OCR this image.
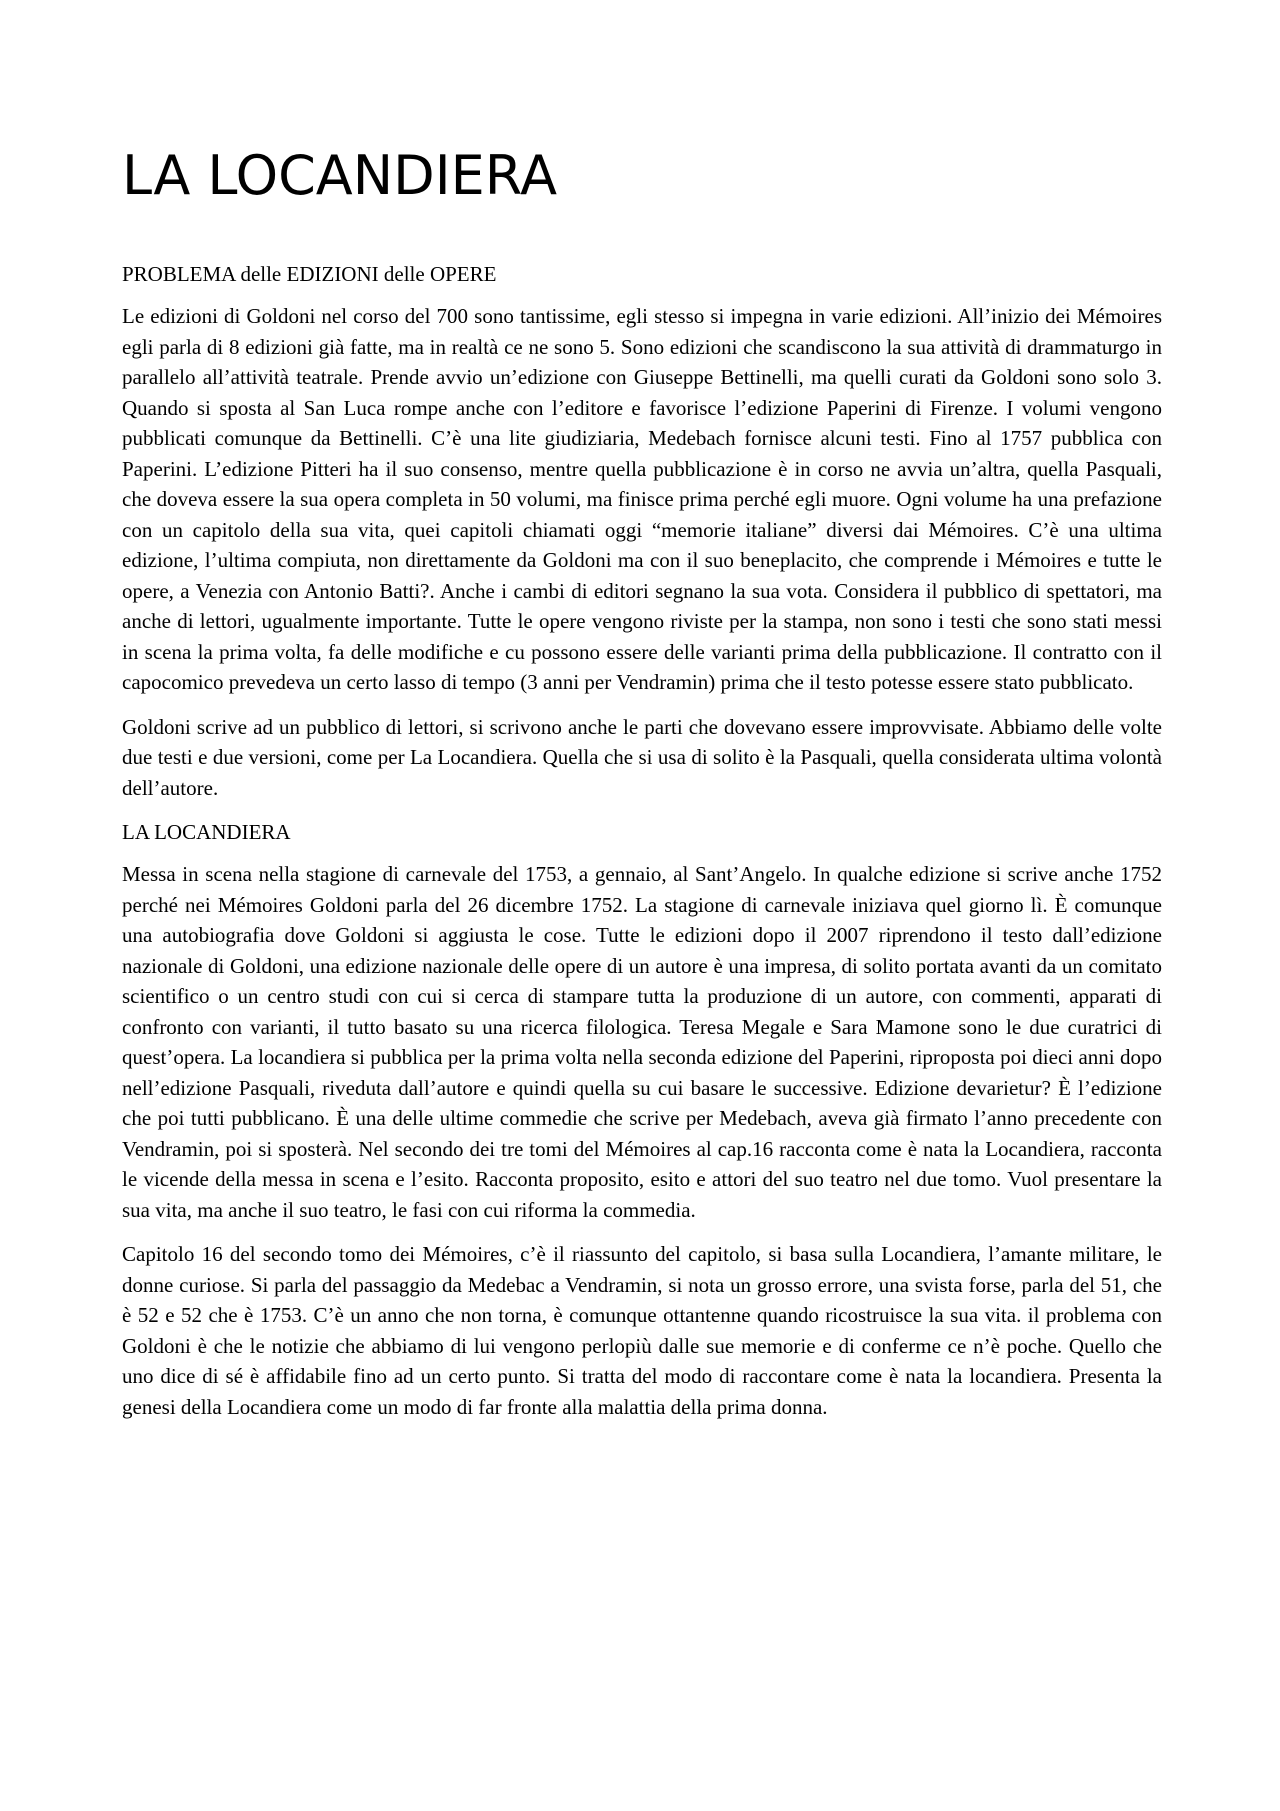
LA LOCANDIERA
PROBLEMA delle EDIZIONI delle OPERE

Le edizioni di Goldoni nel corso del 700 sono tantissime, egli stesso si impegna in varie edizioni. All’inizio dei Mémoires egli parla di 8 edizioni già fatte, ma in realtà ce ne sono 5. Sono edizioni che scandiscono la sua attività di drammaturgo in parallelo all’attività teatrale. Prende avvio un’edizione con Giuseppe Bettinelli, ma quelli curati da Goldoni sono solo 3. Quando si sposta al San Luca rompe anche con l’editore e favorisce l’edizione Paperini di Firenze. I volumi vengono pubblicati comunque da Bettinelli. C’è una lite giudiziaria, Medebach fornisce alcuni testi. Fino al 1757 pubblica con Paperini. L’edizione Pitteri ha il suo consenso, mentre quella pubblicazione è in corso ne avvia un’altra, quella Pasquali, che doveva essere la sua opera completa in 50 volumi, ma finisce prima perché egli muore. Ogni volume ha una prefazione con un capitolo della sua vita, quei capitoli chiamati oggi “memorie italiane” diversi dai Mémoires. C’è una ultima edizione, l’ultima compiuta, non direttamente da Goldoni ma con il suo beneplacito, che comprende i Mémoires e tutte le opere, a Venezia con Antonio Batti?. Anche i cambi di editori segnano la sua vota. Considera il pubblico di spettatori, ma anche di lettori, ugualmente importante. Tutte le opere vengono riviste per la stampa, non sono i testi che sono stati messi in scena la prima volta, fa delle modifiche e cu possono essere delle varianti prima della pubblicazione. Il contratto con il capocomico prevedeva un certo lasso di tempo (3 anni per Vendramin) prima che il testo potesse essere stato pubblicato.

Goldoni scrive ad un pubblico di lettori, si scrivono anche le parti che dovevano essere improvvisate. Abbiamo delle volte due testi e due versioni, come per La Locandiera. Quella che si usa di solito è la Pasquali, quella considerata ultima volontà dell’autore.

LA LOCANDIERA

Messa in scena nella stagione di carnevale del 1753, a gennaio, al Sant’Angelo. In qualche edizione si scrive anche 1752 perché nei Mémoires Goldoni parla del 26 dicembre 1752. La stagione di carnevale iniziava quel giorno lì. È comunque una autobiografia dove Goldoni si aggiusta le cose. Tutte le edizioni dopo il 2007 riprendono il testo dall’edizione nazionale di Goldoni, una edizione nazionale delle opere di un autore è una impresa, di solito portata avanti da un comitato scientifico o un centro studi con cui si cerca di stampare tutta la produzione di un autore, con commenti, apparati di confronto con varianti, il tutto basato su una ricerca filologica. Teresa Megale e Sara Mamone sono le due curatrici di quest’opera. La locandiera si pubblica per la prima volta nella seconda edizione del Paperini, riproposta poi dieci anni dopo nell’edizione Pasquali, riveduta dall’autore e quindi quella su cui basare le successive. Edizione devarietur? È l’edizione che poi tutti pubblicano. È una delle ultime commedie che scrive per Medebach, aveva già firmato l’anno precedente con Vendramin, poi si sposterà. Nel secondo dei tre tomi del Mémoires al cap.16 racconta come è nata la Locandiera, racconta le vicende della messa in scena e l’esito. Racconta proposito, esito e attori del suo teatro nel due tomo. Vuol presentare la sua vita, ma anche il suo teatro, le fasi con cui riforma la commedia.

Capitolo 16 del secondo tomo dei Mémoires, c’è il riassunto del capitolo, si basa sulla Locandiera, l’amante militare, le donne curiose. Si parla del passaggio da Medebac a Vendramin, si nota un grosso errore, una svista forse, parla del 51, che è 52 e 52 che è 1753. C’è un anno che non torna, è comunque ottantenne quando ricostruisce la sua vita. il problema con Goldoni è che le notizie che abbiamo di lui vengono perlopiù dalle sue memorie e di conferme ce n’è poche. Quello che uno dice di sé è affidabile fino ad un certo punto. Si tratta del modo di raccontare come è nata la locandiera. Presenta la genesi della Locandiera come un modo di far fronte alla malattia della prima donna.
